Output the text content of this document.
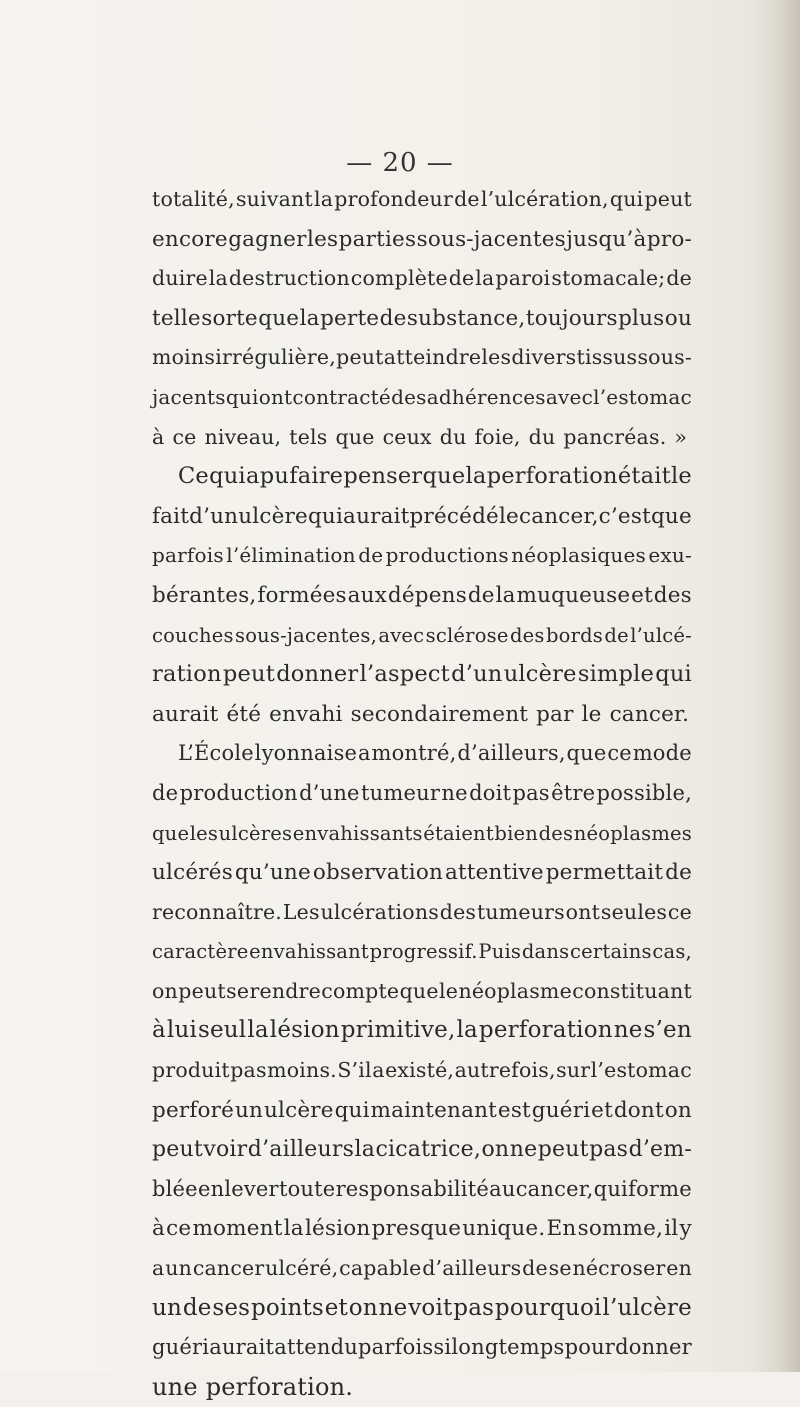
— 20 —
totalité, suivant la profondeur de l’ulcération, qui peut
encore gagner les parties sous-jacentes jusqu’à pro-
duire la destruction complète de la paroi stomacale; de
telle sorte que la perte de substance, toujours plus ou
moins irrégulière, peut atteindre les divers tissus sous-
jacents qui ont contracté des adhérences avec l’estomac
à ce niveau, tels que ceux du foie, du pancréas. »
Ce qui a pu faire penser que la perforation était le
fait d’un ulcère qui aurait précédé le cancer, c’est que
parfois l’élimination de productions néoplasiques exu-
bérantes, formées aux dépens de la muqueuse et des
couches sous-jacentes, avec sclérose des bords de l’ulcé-
ration peut donner l’aspect d’un ulcère simple qui
aurait été envahi secondairement par le cancer.
L’École lyonnaise a montré, d’ailleurs, que ce mode
de production d’une tumeur ne doit pas être possible,
que les ulcères envahissants étaient bien des néoplasmes
ulcérés qu’une observation attentive permettait de
reconnaître. Les ulcérations des tumeurs ont seules ce
caractère envahissant progressif. Puis dans certains cas,
on peut se rendre compte que le néoplasme constituant
à lui seul la lésion primitive, la perforation ne s’en
produit pas moins. S’il a existé, autrefois, sur l’estomac
perforé un ulcère qui maintenant est guéri et dont on
peut voir d’ailleurs la cicatrice, on ne peut pas d’em-
blée enlever toute responsabilité au cancer, qui forme
à ce moment la lésion presque unique. En somme, il y
a un cancer ulcéré, capable d’ailleurs de se nécroser en
un de ses points et on ne voit pas pourquoi l’ulcère
guéri aurait attendu parfois si longtemps pour donner
une perforation.
